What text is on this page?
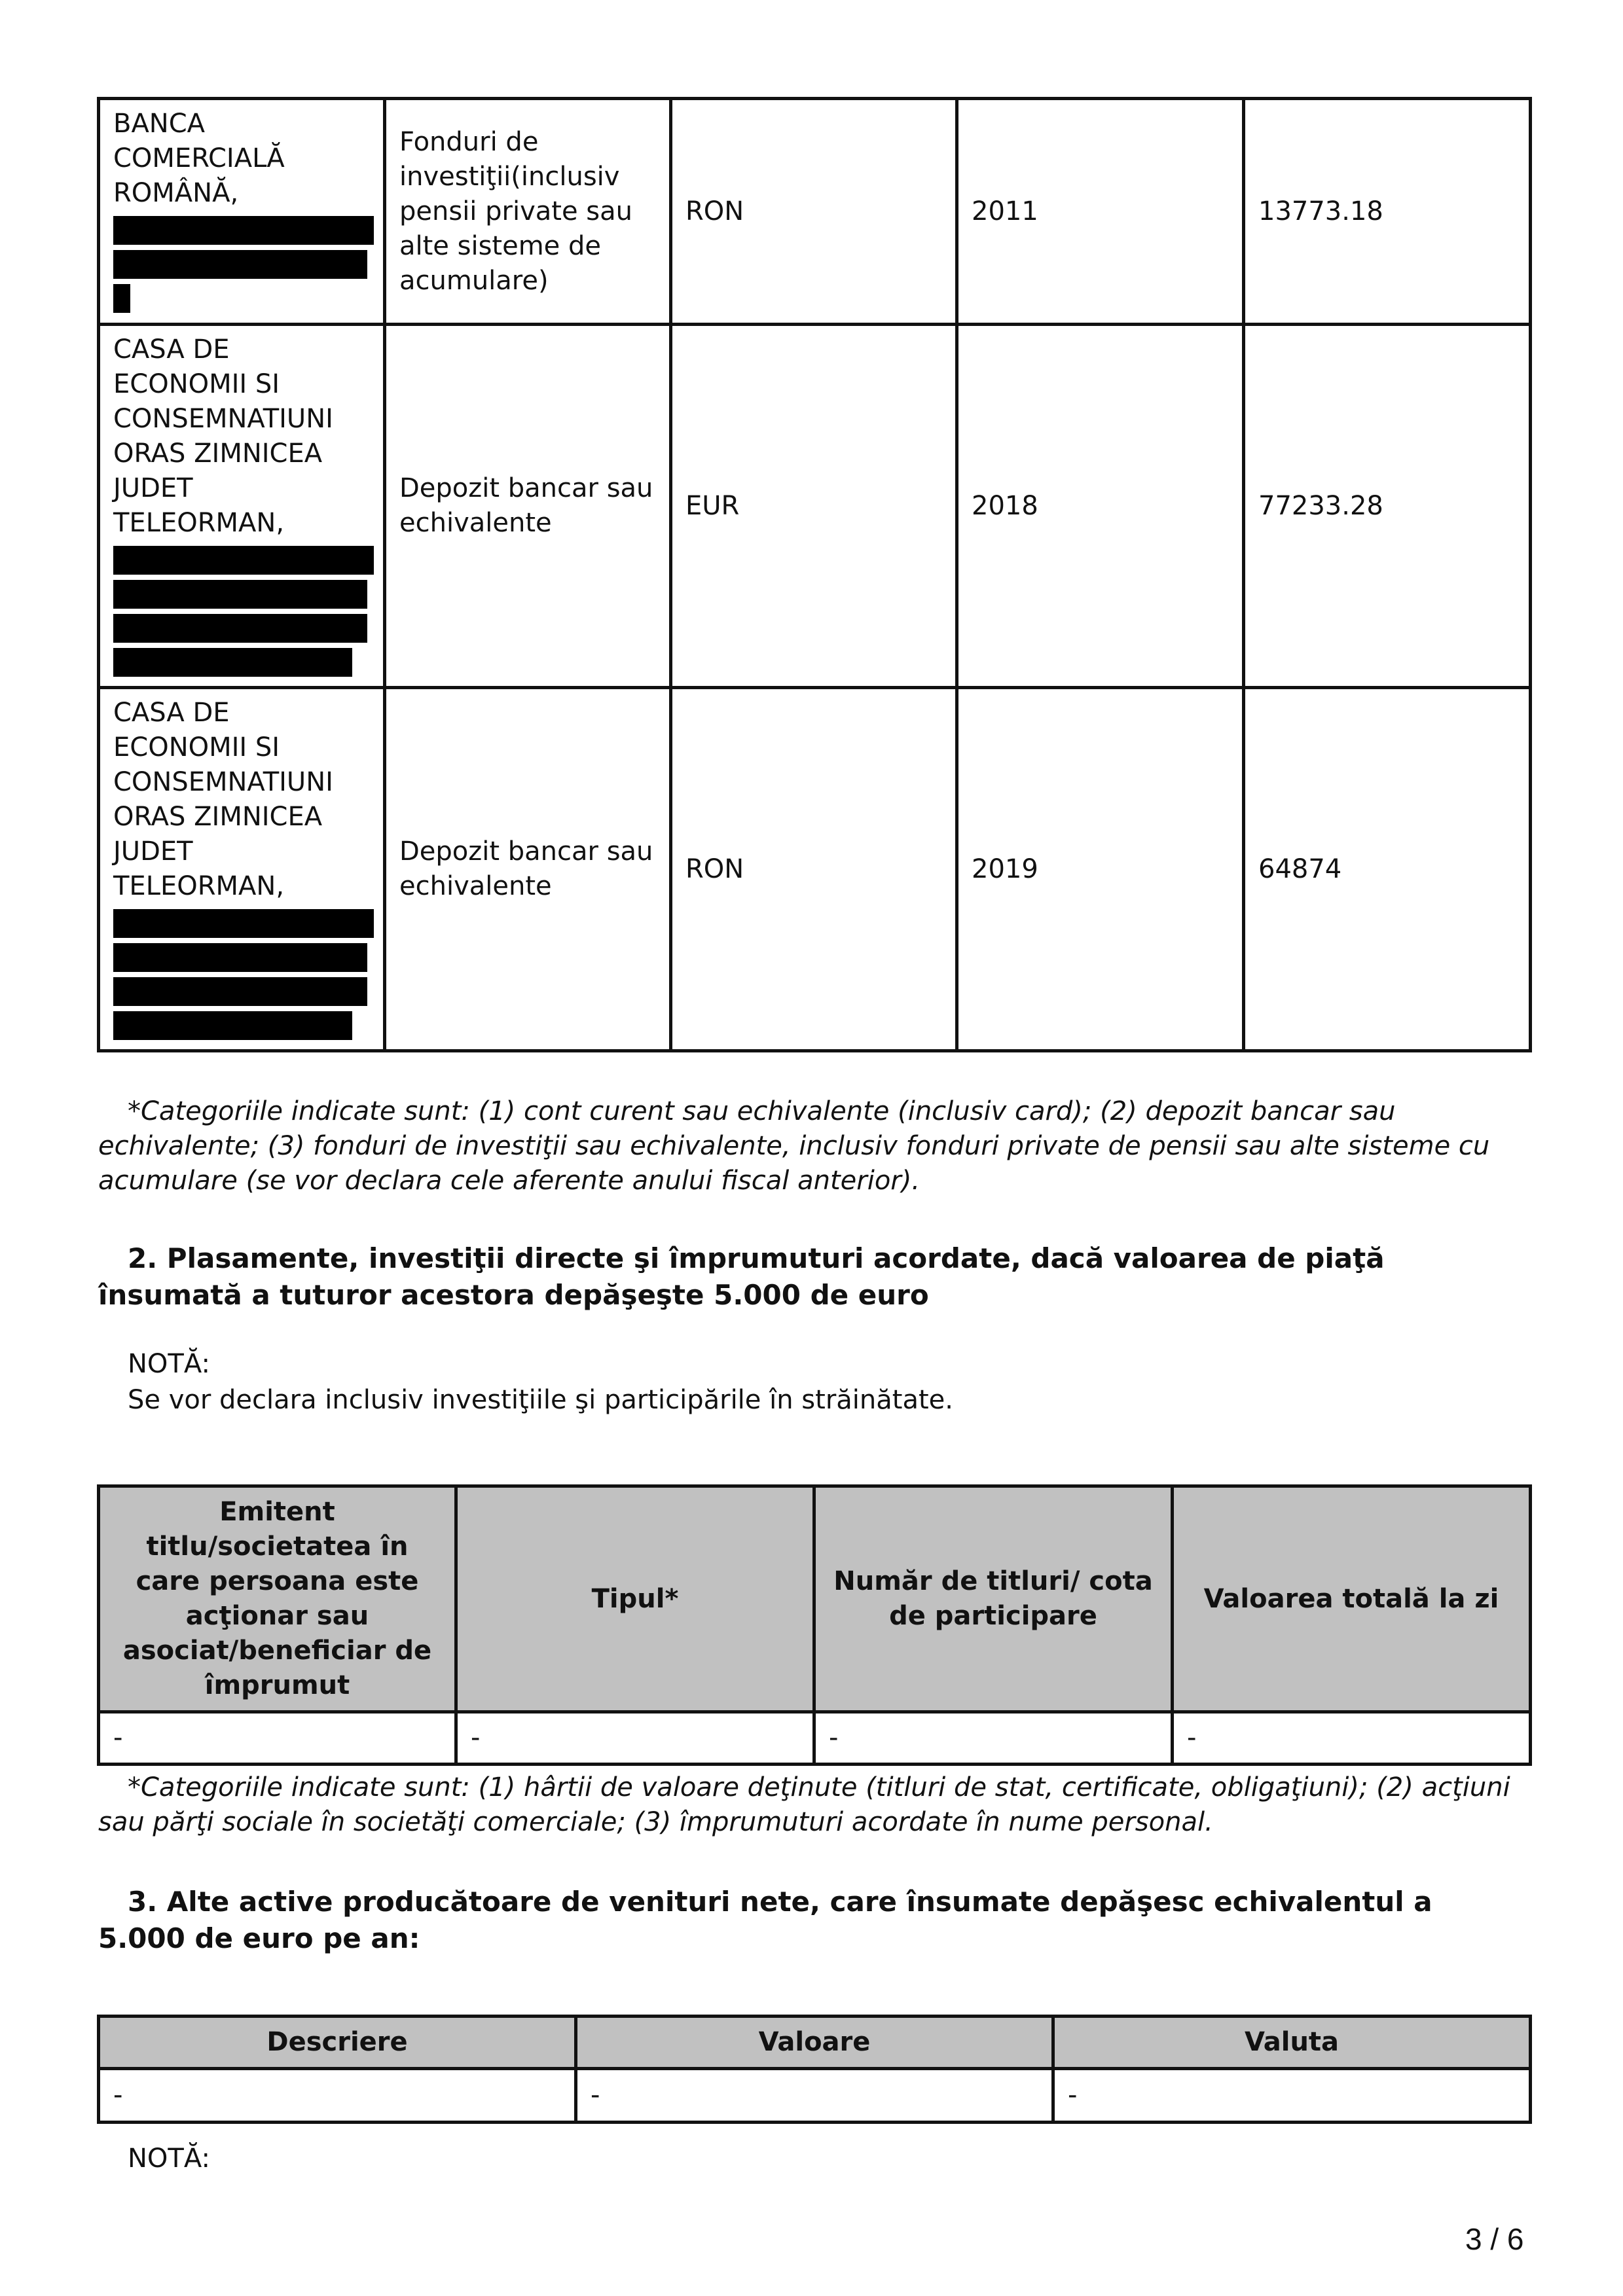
BANCA COMERCIALĂ ROMÂNĂ,	Fonduri de investiţii(inclusiv pensii private sau alte sisteme de acumulare)	RON	2011	13773.18
CASA DE ECONOMII SI CONSEMNATIUNI ORAS ZIMNICEA JUDET TELEORMAN,	Depozit bancar sau echivalente	EUR	2018	77233.28
CASA DE ECONOMII SI CONSEMNATIUNI ORAS ZIMNICEA JUDET TELEORMAN,	Depozit bancar sau echivalente	RON	2019	64874
*Categoriile indicate sunt: (1) cont curent sau echivalente (inclusiv card); (2) depozit bancar sau echivalente; (3) fonduri de investiţii sau echivalente, inclusiv fonduri private de pensii sau alte sisteme cu acumulare (se vor declara cele aferente anului fiscal anterior).
2. Plasamente, investiţii directe şi împrumuturi acordate, dacă valoarea de piaţă însumată a tuturor acestora depăşeşte 5.000 de euro
NOTĂ:
Se vor declara inclusiv investiţiile şi participările în străinătate.
Emitent titlu/societatea în care persoana este acţionar sau asociat/beneficiar de împrumut	Tipul*	Număr de titluri/ cota de participare	Valoarea totală la zi
-	-	-	-
*Categoriile indicate sunt: (1) hârtii de valoare deţinute (titluri de stat, certificate, obligaţiuni); (2) acţiuni sau părţi sociale în societăţi comerciale; (3) împrumuturi acordate în nume personal.
3. Alte active producătoare de venituri nete, care însumate depăşesc echivalentul a 5.000 de euro pe an:
Descriere	Valoare	Valuta
-	-	-
NOTĂ:
3 / 6
